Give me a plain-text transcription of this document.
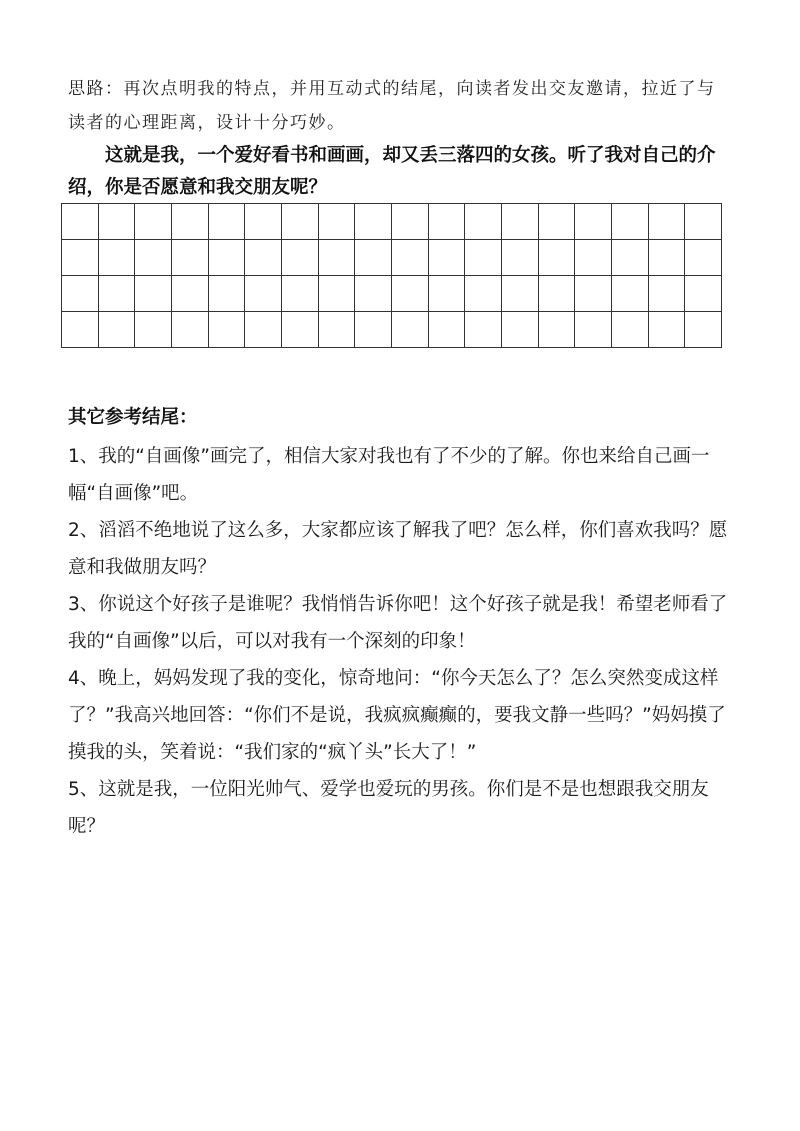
思路：再次点明我的特点，并用互动式的结尾，向读者发出交友邀请，拉近了与读者的心理距离，设计十分巧妙。

这就是我，一个爱好看书和画画，却又丢三落四的女孩。听了我对自己的介绍，你是否愿意和我交朋友呢？

其它参考结尾：
1、我的“自画像”画完了，相信大家对我也有了不少的了解。你也来给自己画一幅“自画像”吧。
2、滔滔不绝地说了这么多，大家都应该了解我了吧？怎么样，你们喜欢我吗？愿意和我做朋友吗？
3、你说这个好孩子是谁呢？我悄悄告诉你吧！这个好孩子就是我！希望老师看了我的“自画像”以后，可以对我有一个深刻的印象！
4、晚上，妈妈发现了我的变化，惊奇地问：“你今天怎么了？怎么突然变成这样了？”我高兴地回答：“你们不是说，我疯疯癫癫的，要我文静一些吗？”妈妈摸了摸我的头，笑着说：“我们家的“疯丫头”长大了！”
5、这就是我，一位阳光帅气、爱学也爱玩的男孩。你们是不是也想跟我交朋友呢？
